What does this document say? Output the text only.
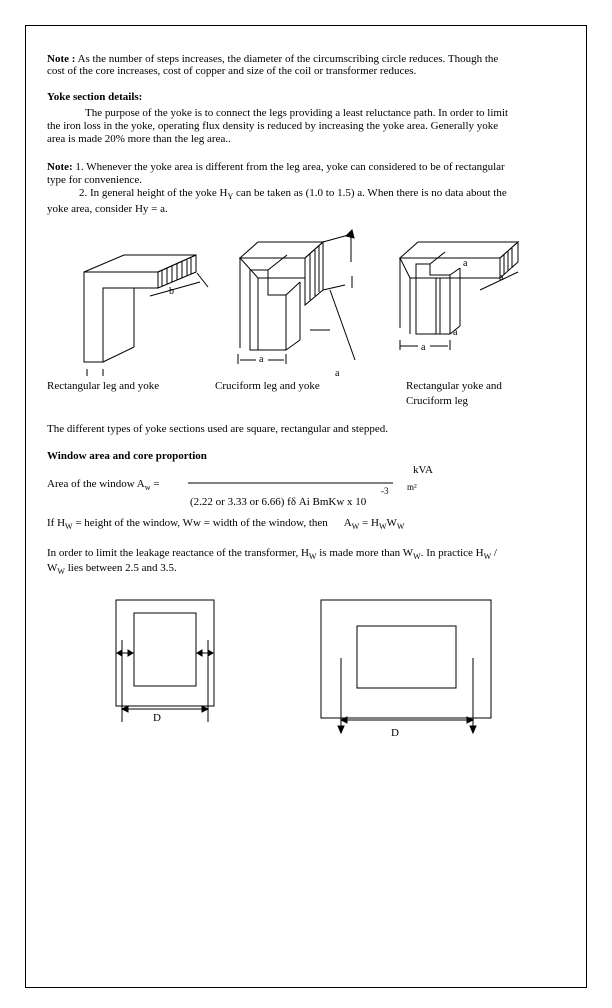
Note : As the number of steps increases, the diameter of the circumscribing circle reduces. Though the
cost of the core increases, cost of copper and size of the coil or transformer reduces.
Yoke section details:
The purpose of the yoke is to connect the legs providing a least reluctance path. In order to limit
the iron loss in the yoke, operating flux density is reduced by increasing the yoke area. Generally yoke
area is made 20% more than the leg area..
Note: 1. Whenever the yoke area is different from the leg area, yoke can considered to be of rectangular
type for convenience.
2. In general height of the yoke $H_Y$ can be taken as (1.0 to 1.5) a. When there is no data about the
yoke area, consider Hy = a.
b
Rectangular leg and yoke
a
a
Cruciform leg and yoke
a
a
a
a
Rectangular yoke and
Cruciform leg
The different types of yoke sections used are square, rectangular and stepped.
Window area and core proportion
kVA
Area of the window $A_w$ =	m²
-3
(2.22 or 3.33 or 6.66) fδ Ai BmKw x 10
If $H_W$ = height of the window, Ww = width of the window, then $A_W = H_WW_W$
In order to limit the leakage reactance of the transformer, $H_W$ is made more than $W_W$. In practice $H_W$ /
$W_W$ lies between 2.5 and 3.5.
D
D
